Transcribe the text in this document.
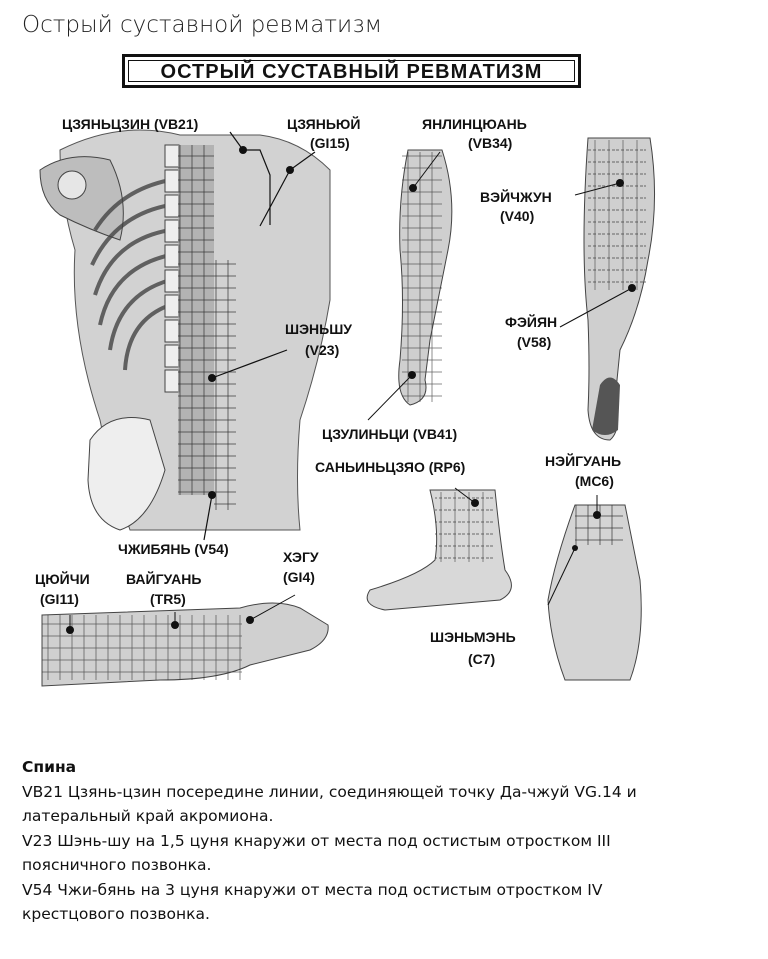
Острый суставной ревматизм
ОСТРЫЙ СУСТАВНЫЙ РЕВМАТИЗМ
ЦЗЯНЬЦЗИН (VB21)	ЦЗЯНЬЮЙ
(GI15)
ЯНЛИНЦЮАНЬ
(VB34)
ВЭЙЧЖУН
(V40)
ШЭНЬШУ
(V23)
ФЭЙЯН
(V58)
ЦЗУЛИНЬЦИ (VB41)
САНЬИНЬЦЗЯО (RP6)	НЭЙГУАНЬ
(MC6)
ЧЖИБЯНЬ (V54)	ХЭГУ
(GI4)
ЦЮЙЧИ
(GI11)
ВАЙГУАНЬ
(TR5)
ШЭНЬМЭНЬ
(C7)

Спина

VB21 Цзянь-цзин посередине линии, соединяющей точку Да-чжуй VG.14 и

латеральный край акромиона.

V23 Шэнь-шу на 1,5 цуня кнаружи от места под остистым отростком III

поясничного позвонка.

V54 Чжи-бянь на 3 цуня кнаружи от места под остистым отростком IV

крестцового позвонка.
